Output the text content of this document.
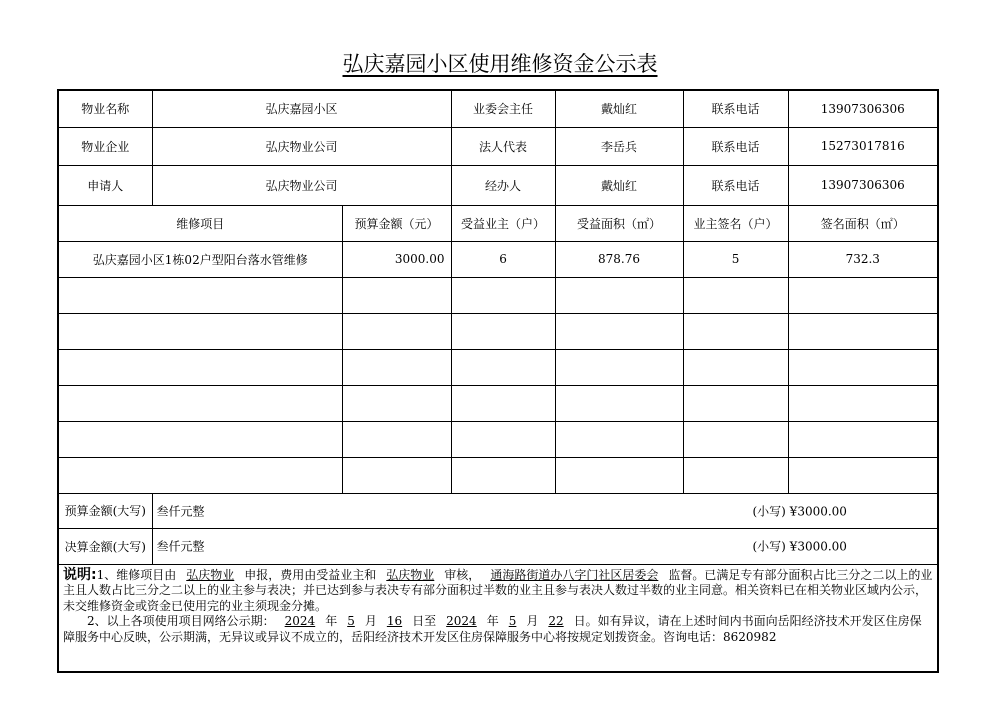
弘庆嘉园小区使用维修资金公示表
物业名称	弘庆嘉园小区		业委会主任	戴灿红	联系电话	13907306306
物业企业	弘庆物业公司		法人代表	李岳兵	联系电话	15273017816
申请人	弘庆物业公司		经办人	戴灿红	联系电话	13907306306
维修项目		预算金额（元）	受益业主（户）	受益面积（㎡）	业主签名（户）	签名面积（㎡）
弘庆嘉园小区1栋02户型阳台落水管维修		3000.00	6	878.76	5	732.3

预算金额(大写)	叁仟元整 (小写) ¥3000.00					

决算金额(大写)	叁仟元整 (小写) ¥3000.00					

说明:1、维修项目由 弘庆物业 申报，费用由受益业主和 弘庆物业 审核， 通海路街道办八字门社区居委会 监督。已满足专有部分面积占比三分之二以上的业主且人数占比三分之二以上的业主参与表决；并已达到参与表决专有部分面积过半数的业主且参与表决人数过半数的业主同意。相关资料已在相关物业区域内公示，未交维修资金或资金已使用完的业主须现金分摊。
  2、以上各项使用项目网络公示期： 2024 年 5 月 16 日至 2024 年 5 月 22 日。如有异议，请在上述时间内书面向岳阳经济技术开发区住房保障服务中心反映，公示期满，无异议或异议不成立的，岳阳经济技术开发区住房保障服务中心将按规定划拨资金。咨询电话：8620982						
